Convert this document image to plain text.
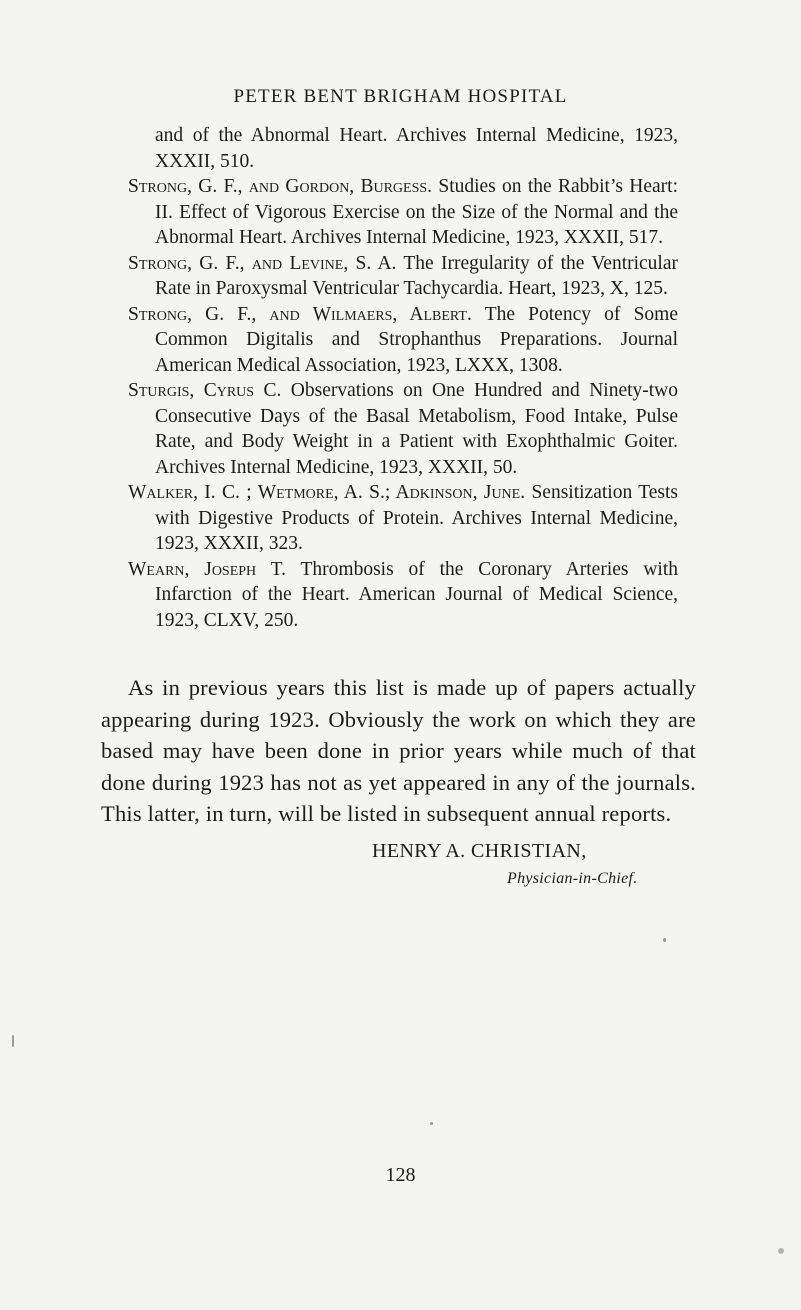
PETER BENT BRIGHAM HOSPITAL

and of the Abnormal Heart. Archives Internal Medicine, 1923, XXXII, 510.

Strong, G. F., and Gordon, Burgess. Studies on the Rabbit’s Heart: II. Effect of Vigorous Exercise on the Size of the Normal and the Abnormal Heart. Archives Internal Medicine, 1923, XXXII, 517.

Strong, G. F., and Levine, S. A. The Irregularity of the Ventricular Rate in Paroxysmal Ventricular Tachycardia. Heart, 1923, X, 125.

Strong, G. F., and Wilmaers, Albert. The Potency of Some Common Digitalis and Strophanthus Preparations. Journal American Medical Association, 1923, LXXX, 1308.

Sturgis, Cyrus C. Observations on One Hundred and Ninety-two Consecutive Days of the Basal Metabolism, Food Intake, Pulse Rate, and Body Weight in a Patient with Exophthalmic Goiter. Archives Internal Medicine, 1923, XXXII, 50.

Walker, I. C. ; Wetmore, A. S.; Adkinson, June. Sensitization Tests with Digestive Products of Protein. Archives Internal Medicine, 1923, XXXII, 323.

Wearn, Joseph T. Thrombosis of the Coronary Arteries with Infarction of the Heart. American Journal of Medical Science, 1923, CLXV, 250.

As in previous years this list is made up of papers actually appearing during 1923. Obviously the work on which they are based may have been done in prior years while much of that done during 1923 has not as yet appeared in any of the journals. This latter, in turn, will be listed in subsequent annual reports.

HENRY A. CHRISTIAN,
Physician-in-Chief.
128
